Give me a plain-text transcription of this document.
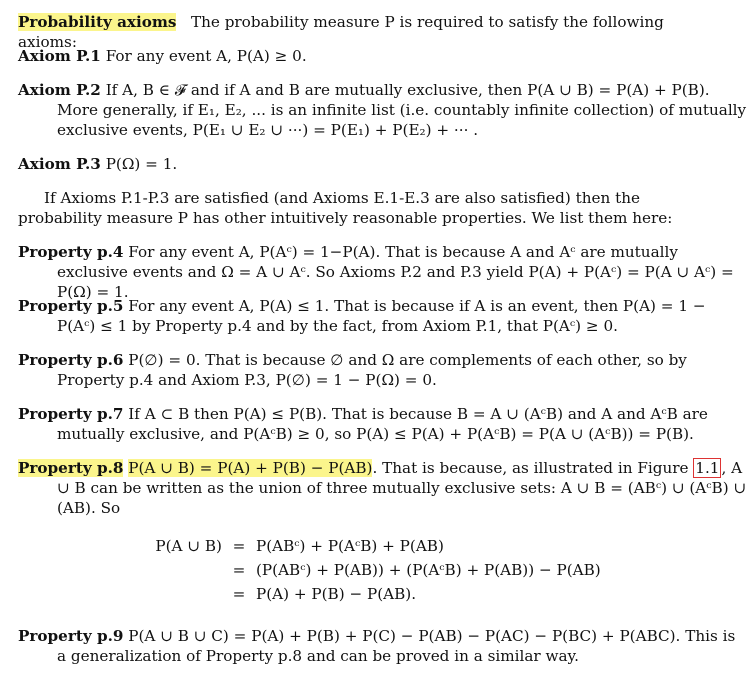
Probability axioms The probability measure P is required to satisfy the following axioms:

Axiom P.1 For any event A, P(A) ≥ 0.

Axiom P.2 If A, B ∈ 𝓕 and if A and B are mutually exclusive, then P(A ∪ B) = P(A) + P(B). More generally, if E₁, E₂, ... is an infinite list (i.e. countably infinite collection) of mutually exclusive events, P(E₁ ∪ E₂ ∪ ···) = P(E₁) + P(E₂) + ··· .

Axiom P.3 P(Ω) = 1.

If Axioms P.1-P.3 are satisfied (and Axioms E.1-E.3 are also satisfied) then the probability measure P has other intuitively reasonable properties. We list them here:

Property p.4 For any event A, P(Aᶜ) = 1−P(A). That is because A and Aᶜ are mutually exclusive events and Ω = A ∪ Aᶜ. So Axioms P.2 and P.3 yield P(A) + P(Aᶜ) = P(A ∪ Aᶜ) = P(Ω) = 1.

Property p.5 For any event A, P(A) ≤ 1. That is because if A is an event, then P(A) = 1 − P(Aᶜ) ≤ 1 by Property p.4 and by the fact, from Axiom P.1, that P(Aᶜ) ≥ 0.

Property p.6 P(∅) = 0. That is because ∅ and Ω are complements of each other, so by Property p.4 and Axiom P.3, P(∅) = 1 − P(Ω) = 0.

Property p.7 If A ⊂ B then P(A) ≤ P(B). That is because B = A ∪ (AᶜB) and A and AᶜB are mutually exclusive, and P(AᶜB) ≥ 0, so P(A) ≤ P(A) + P(AᶜB) = P(A ∪ (AᶜB)) = P(B).

Property p.8 P(A ∪ B) = P(A) + P(B) − P(AB). That is because, as illustrated in Figure 1.1 , A ∪ B can be written as the union of three mutually exclusive sets: A ∪ B = (ABᶜ) ∪ (AᶜB) ∪ (AB). So

P(A ∪ B) = P(ABᶜ) + P(AᶜB) + P(AB)
= (P(ABᶜ) + P(AB)) + (P(AᶜB) + P(AB)) − P(AB)
= P(A) + P(B) − P(AB).

Property p.9 P(A ∪ B ∪ C) = P(A) + P(B) + P(C) − P(AB) − P(AC) − P(BC) + P(ABC). This is a generalization of Property p.8 and can be proved in a similar way.
